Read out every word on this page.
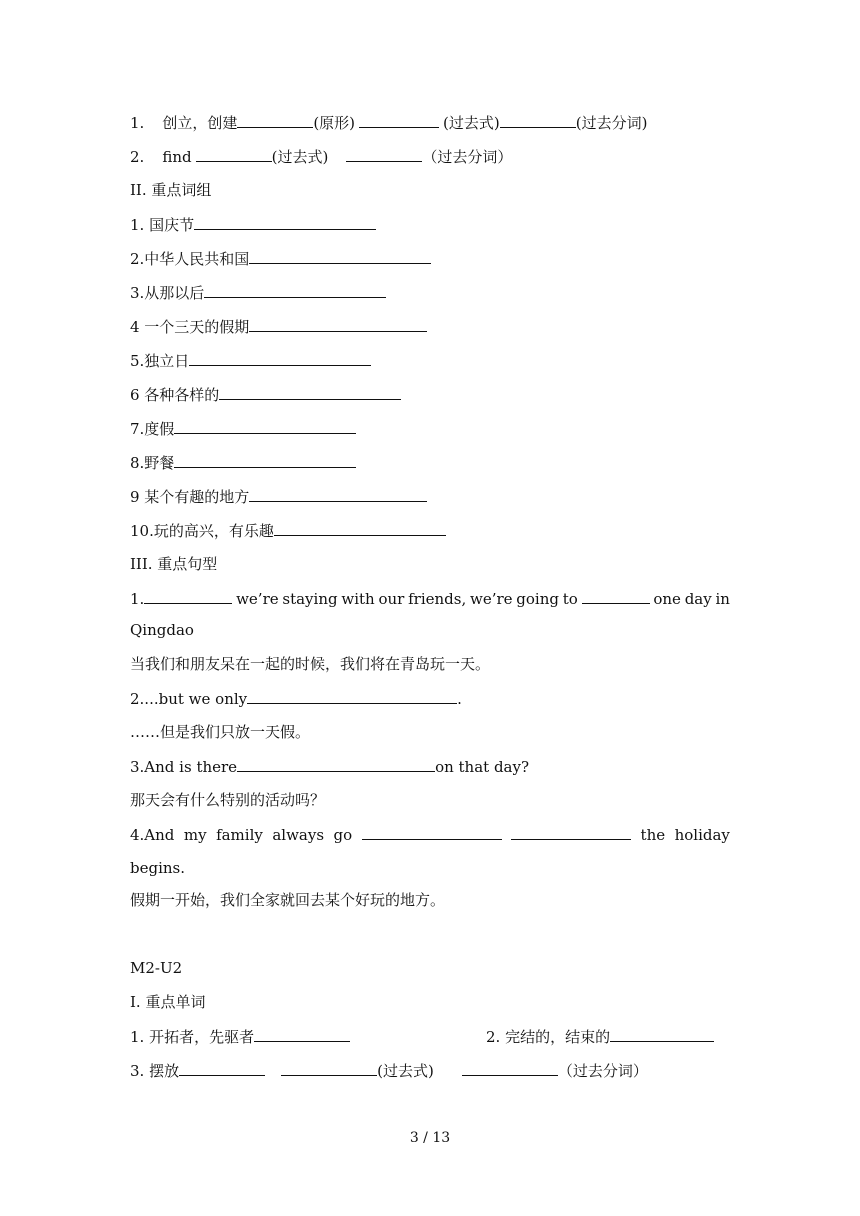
1. 创立，创建	(原形)	(过去式)	(过去分词)
2. find	(过去式)	（过去分词）
II. 重点词组
1. 国庆节
2.中华人民共和国
3.从那以后
4 一个三天的假期
5.独立日
6 各种各样的
7.度假
8.野餐
9 某个有趣的地方
10.玩的高兴，有乐趣
III. 重点句型
1.	we’re staying with our friends, we’re going to	one day in
Qingdao
当我们和朋友呆在一起的时候，我们将在青岛玩一天。
2....but we only	.
……但是我们只放一天假。
3.And is there	on that day?
那天会有什么特别的活动吗？
4.And my family always go	the holiday
begins.
假期一开始，我们全家就回去某个好玩的地方。
M2-U2
I. 重点单词
1. 开拓者，先驱者	2. 完结的，结束的
3. 摆放	(过去式)	（过去分词）
3 / 13
